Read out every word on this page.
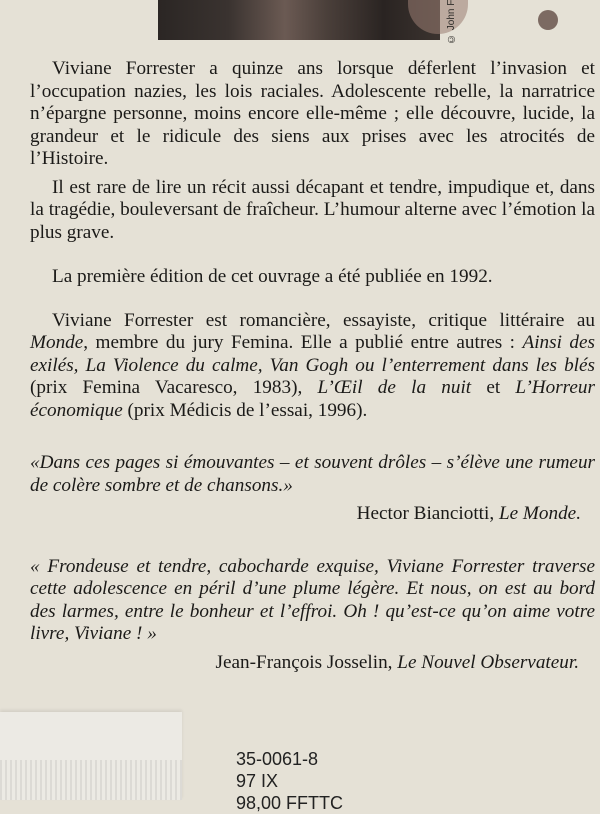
© John F

Viviane Forrester a quinze ans lorsque déferlent l’invasion et l’occupation nazies, les lois raciales. Adolescente rebelle, la narratrice n’épargne personne, moins encore elle-même ; elle découvre, lucide, la grandeur et le ridicule des siens aux prises avec les atrocités de l’Histoire.

Il est rare de lire un récit aussi décapant et tendre, impudique et, dans la tragédie, bouleversant de fraîcheur. L’humour alterne avec l’émotion la plus grave.

La première édition de cet ouvrage a été publiée en 1992.

Viviane Forrester est romancière, essayiste, critique littéraire au Monde, membre du jury Femina. Elle a publié entre autres : Ainsi des exilés, La Violence du calme, Van Gogh ou l’enterrement dans les blés (prix Femina Vacaresco, 1983), L’Œil de la nuit et L’Horreur économique (prix Médicis de l’essai, 1996).

«Dans ces pages si émouvantes – et souvent drôles – s’élève une rumeur de colère sombre et de chansons.»

Hector Bianciotti, Le Monde.

« Frondeuse et tendre, cabocharde exquise, Viviane Forrester traverse cette adolescence en péril d’une plume légère. Et nous, on est au bord des larmes, entre le bonheur et l’effroi. Oh ! qu’est-ce qu’on aime votre livre, Viviane ! »

Jean-François Josselin, Le Nouvel Observateur.

35-0061-8
97 IX
98,00 FFTTC
